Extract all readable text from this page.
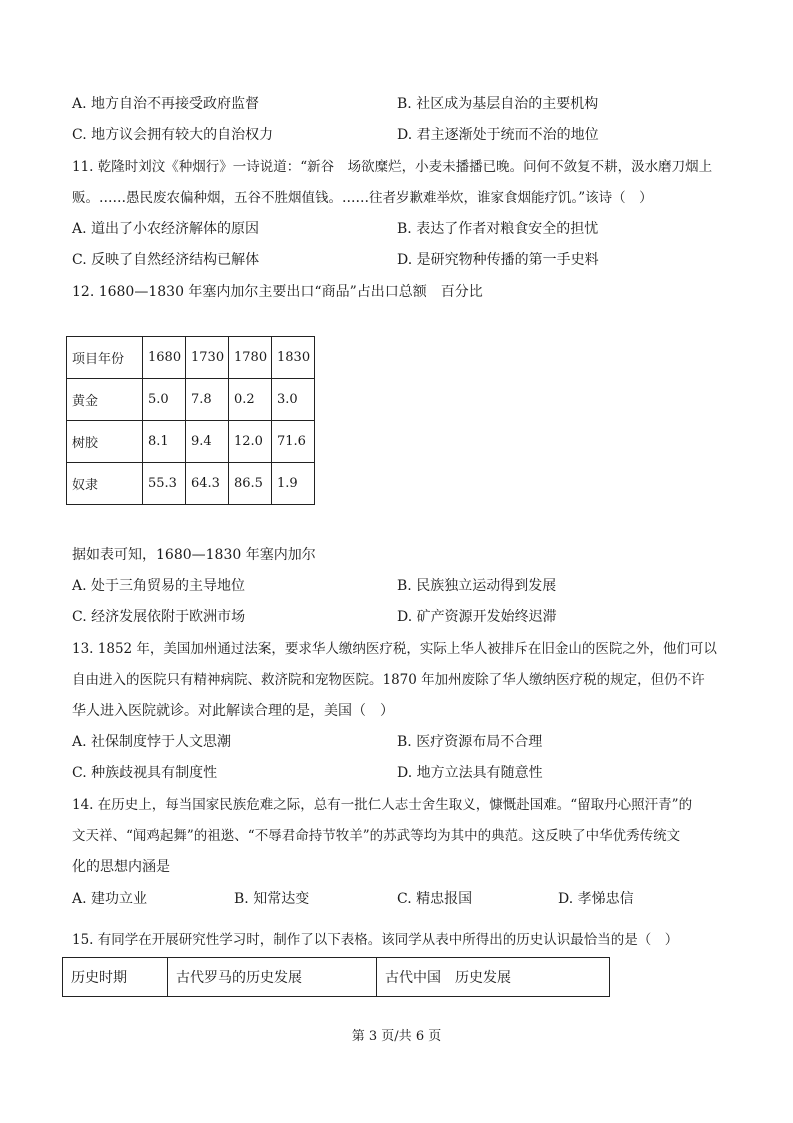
A. 地方自治不再接受政府监督	B. 社区成为基层自治的主要机构
C. 地方议会拥有较大的自治权力	D. 君主逐渐处于统而不治的地位
11. 乾隆时刘汶《种烟行》一诗说道：“新谷　场欲糜烂，小麦未播播已晚。问何不敛复不耕，汲水磨刀烟上
贩。……愚民废农偏种烟，五谷不胜烟值钱。……往者岁歉难举炊，谁家食烟能疗饥。”该诗（　）
A. 道出了小农经济解体的原因	B. 表达了作者对粮食安全的担忧
C. 反映了自然经济结构已解体	D. 是研究物种传播的第一手史料
12. 1680—1830 年塞内加尔主要出口“商品”占出口总额　百分比
项目年份	1680	1730	1780	1830
黄金	5.0	7.8	0.2	3.0
树胶	8.1	9.4	12.0	71.6
奴隶	55.3	64.3	86.5	1.9
据如表可知，1680—1830 年塞内加尔
A. 处于三角贸易的主导地位	B. 民族独立运动得到发展
C. 经济发展依附于欧洲市场	D. 矿产资源开发始终迟滞
13. 1852 年，美国加州通过法案，要求华人缴纳医疗税，实际上华人被排斥在旧金山的医院之外，他们可以
自由进入的医院只有精神病院、救济院和宠物医院。1870 年加州废除了华人缴纳医疗税的规定，但仍不许
华人进入医院就诊。对此解读合理的是，美国（　）
A. 社保制度悖于人文思潮	B. 医疗资源布局不合理
C. 种族歧视具有制度性	D. 地方立法具有随意性
14. 在历史上，每当国家民族危难之际，总有一批仁人志士舍生取义，慷慨赴国难。“留取丹心照汗青”的
文天祥、“闻鸡起舞”的祖逖、“不辱君命持节牧羊”的苏武等均为其中的典范。这反映了中华优秀传统文
化的思想内涵是
A. 建功立业	B. 知常达变	C. 精忠报国	D. 孝悌忠信
15. 有同学在开展研究性学习时，制作了以下表格。该同学从表中所得出的历史认识最恰当的是（　）
历史时期	古代罗马的历史发展	古代中国　历史发展
第 3 页/共 6 页
